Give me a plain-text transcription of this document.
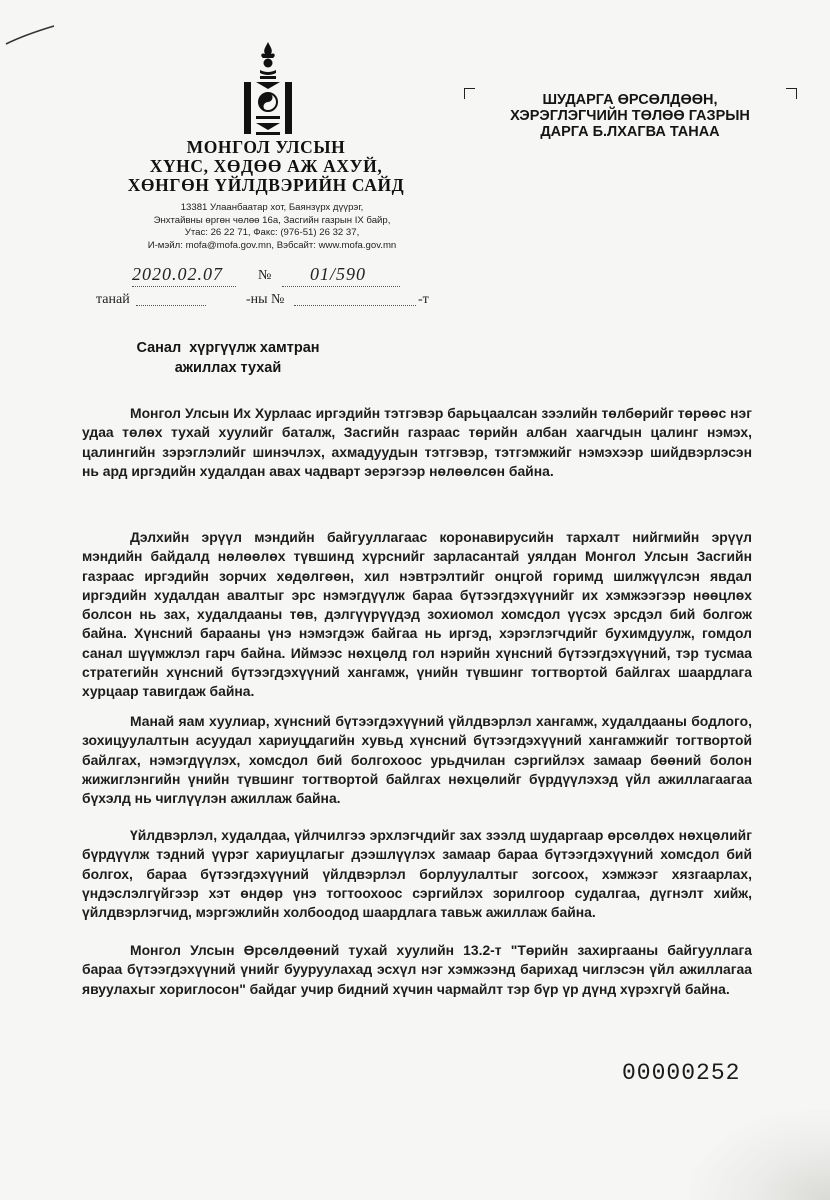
МОНГОЛ УЛСЫН
ХҮНС, ХӨДӨӨ АЖ АХУЙ,
ХӨНГӨН ҮЙЛДВЭРИЙН САЙД
13381 Улаанбаатар хот, Баянзүрх дүүрэг,
Энхтайвны өргөн чөлөө 16а, Засгийн газрын IX байр,
Утас: 26 22 71, Факс: (976-51) 26 32 37,
И-мэйл: mofa@mofa.gov.mn, Вэбсайт: www.mofa.gov.mn
2020.02.07	№ 01/590
танай	-ны №	-т
ШУДАРГА ӨРСӨЛДӨӨН,
ХЭРЭГЛЭГЧИЙН ТӨЛӨӨ ГАЗРЫН
ДАРГА Б.ЛХАГВА ТАНАА
Санал  хүргүүлж хамтран
ажиллах тухай

Монгол Улсын Их Хурлаас иргэдийн тэтгэвэр барьцаалсан зээлийн төлбөрийг төрөөс нэг удаа төлөх тухай хуулийг баталж, Засгийн газраас төрийн албан хаагчдын цалинг нэмэх, цалингийн зэрэглэлийг шинэчлэх, ахмадуудын тэтгэвэр, тэтгэмжийг нэмэхээр шийдвэрлэсэн нь ард иргэдийн худалдан авах чадварт эерэгээр нөлөөлсөн байна.

Дэлхийн эрүүл мэндийн байгууллагаас коронавирусийн тархалт нийгмийн эрүүл мэндийн байдалд нөлөөлөх түвшинд хүрснийг зарласантай уялдан Монгол Улсын Засгийн газраас иргэдийн зорчих хөдөлгөөн, хил нэвтрэлтийг онцгой горимд шилжүүлсэн явдал иргэдийн худалдан авалтыг эрс нэмэгдүүлж бараа бүтээгдэхүүнийг их хэмжээгээр нөөцлөх болсон нь зах, худалдааны төв, дэлгүүрүүдэд зохиомол хомсдол үүсэх эрсдэл бий болгож байна. Хүнсний барааны үнэ нэмэгдэж байгаа нь иргэд, хэрэглэгчдийг бухимдуулж, гомдол санал шүүмжлэл гарч байна. Иймээс нөхцөлд гол нэрийн хүнсний бүтээгдэхүүний, тэр тусмаа стратегийн хүнсний бүтээгдэхүүний хангамж, үнийн түвшинг тогтвортой байлгах шаардлага хурцаар тавигдаж байна.

Манай яам хуулиар, хүнсний бүтээгдэхүүний үйлдвэрлэл хангамж, худалдааны бодлого, зохицуулалтын асуудал хариуцдагийн хувьд хүнсний бүтээгдэхүүний хангамжийг тогтвортой байлгах, нэмэгдүүлэх, хомсдол бий болгохоос урьдчилан сэргийлэх замаар бөөний болон жижиглэнгийн үнийн түвшинг тогтвортой байлгах нөхцөлийг бүрдүүлэхэд үйл ажиллагаагаа бүхэлд нь чиглүүлэн ажиллаж байна.

Үйлдвэрлэл, худалдаа, үйлчилгээ эрхлэгчдийг зах зээлд шударгаар өрсөлдөх нөхцөлийг бүрдүүлж тэдний үүрэг хариуцлагыг дээшлүүлэх замаар бараа бүтээгдэхүүний хомсдол бий болгох, бараа бүтээгдэхүүний үйлдвэрлэл борлуулалтыг зогсоох, хэмжээг хязгаарлах, үндэслэлгүйгээр хэт өндөр үнэ тогтоохоос сэргийлэх зорилгоор судалгаа, дүгнэлт хийж, үйлдвэрлэгчид, мэргэжлийн холбоодод шаардлага тавьж ажиллаж байна.

Монгол Улсын Өрсөлдөөний тухай хуулийн 13.2-т "Төрийн захиргааны байгууллага бараа бүтээгдэхүүний үнийг бууруулахад эсхүл нэг хэмжээнд барихад чиглэсэн үйл ажиллагаа явуулахыг хориглосон" байдаг учир бидний хүчин чармайлт тэр бүр үр дүнд хүрэхгүй байна.

00000252
